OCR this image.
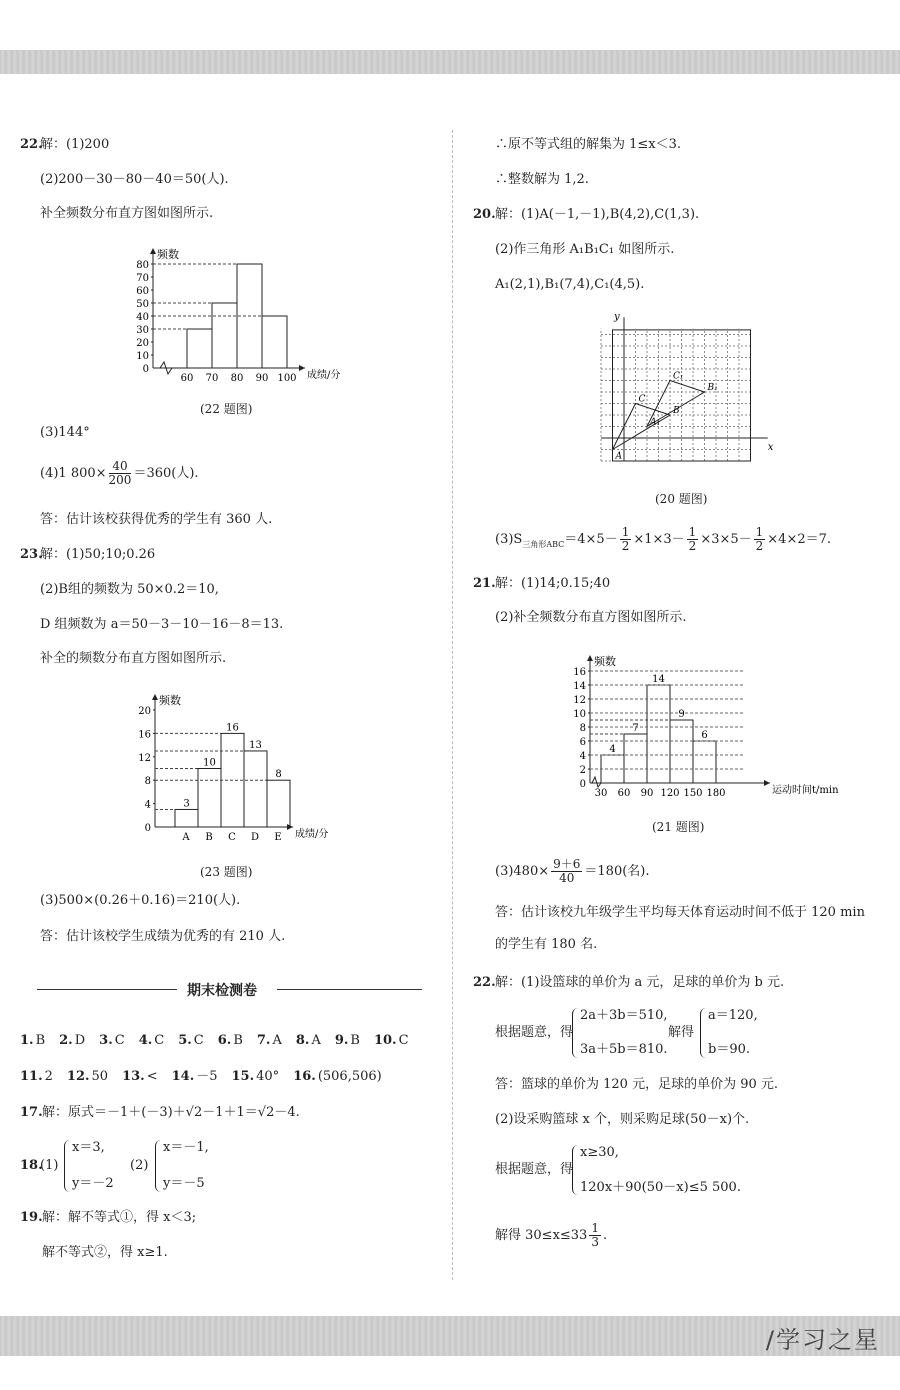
22.
解：(1)200
(2)200－30－80－40＝50(人).
补全频数分布直方图如图所示.
频数
成绩/分
0
10
20
30
40
50
60
70
80
60 70 80 90 100
(22 题图)
(3)144°
(4)1 $800\times \frac{40}{200} =360$(人).
答：估计该校获得优秀的学生有 360 人.
23.
解：(1)50;10;0.26
(2)B组的频数为 50×0.2＝10,
D 组频数为 a＝50－3－10－16－8＝13.
补全的频数分布直方图如图所示.
频数
成绩/分
0
4
8
12
16
20
3
10
16
13
8
A B C D E
(23 题图)
(3)500×(0.26＋0.16)＝210(人).
答：估计该校学生成绩为优秀的有 210 人.
期末检测卷
1. B 2. D 3. C 4. C 5. C 6. B 7. A 8. A 9. B 10. C
11. 2 12. 50 13. < 14. －5 15. 40° 16. (506,506)
17. 解：原式＝－1＋(－3)＋√2－1＋1＝√2－4.
18.
(1)
x＝3,
y＝－2
(2)
x＝－1,
y＝－5
19. 解：解不等式①，得 x＜3;
解不等式②，得 x≥1.
∴原不等式组的解集为 1≤x＜3.
∴整数解为 1,2.
20. 解：(1)A(－1,－1),B(4,2),C(1,3).
(2)作三角形 A₁B₁C₁ 如图所示.
A₁(2,1),B₁(7,4),C₁(4,5).
x
y
A
B
C
A₁
B₁
C₁
(20 题图)
$(3)S_{三角形ABC}=4\times 5- \frac{1}{2} \times 1\times 3- \frac{1}{2} \times 3\times 5- \frac{1}{2} \times 4\times 2=7$.
21. 解：(1)14;0.15;40
(2)补全频数分布直方图如图所示.
频数
运动时间t/min
0
2
4
6
8
10
12
14
16
4
7
14
9
6
30 60 90 120 150 180
(21 题图)
$(3)480\times \frac{9+6}{40} =180$(名).
答：估计该校九年级学生平均每天体育运动时间不低于 120 min
的学生有 180 名.
22. 解：(1)设篮球的单价为 a 元，足球的单价为 b 元.
根据题意，得
2a＋3b＝510,
3a＋5b＝810.
解得
a＝120,
b＝90.
答：篮球的单价为 120 元，足球的单价为 90 元.
(2)设采购篮球 x 个，则采购足球(50－x)个.
根据题意，得
x≥30,
120x＋90(50－x)≤5 500.
解得 $30\le x\le 33 \frac{1}{3}$ .
/学习之星
